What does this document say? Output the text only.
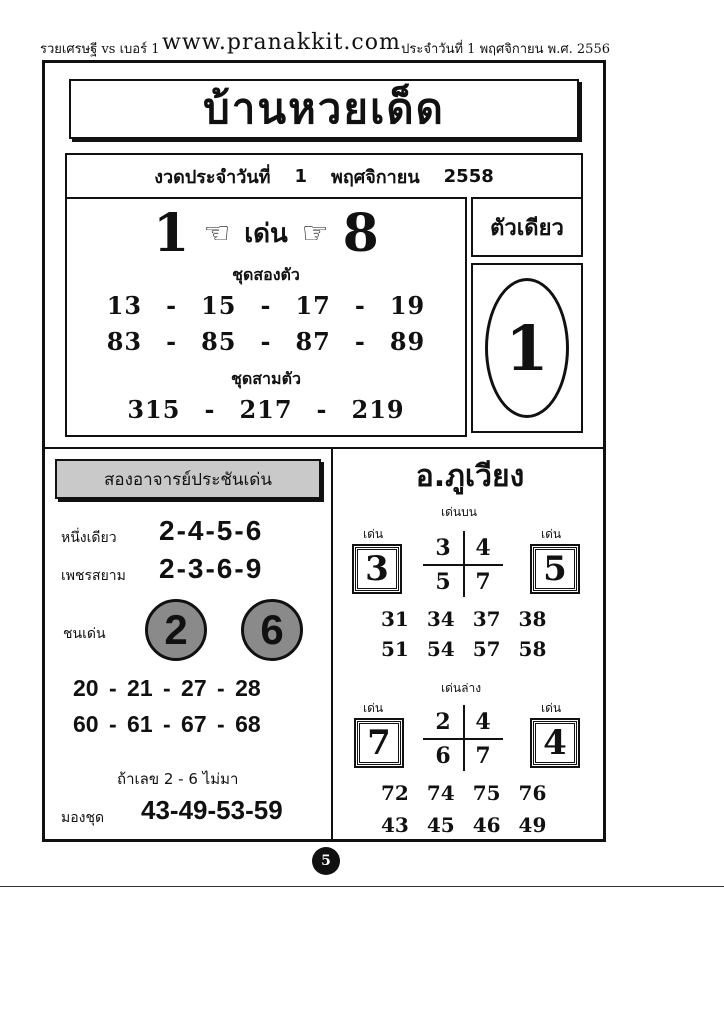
รวยเศรษฐี vs เบอร์ 1 www.pranakkit.com ประจำวันที่ 1 พฤศจิกายน พ.ศ. 2556
บ้านหวยเด็ด
งวดประจำวันที่ 1 พฤศจิกายน 2558
1 ☜ เด่น ☞ 8
ชุดสองตัว
13 - 15 - 17 - 19
83 - 85 - 87 - 89
ชุดสามตัว
315 - 217 - 219
ตัวเดียว
1
สองอาจารย์ประชันเด่น
หนึ่งเดียว 2-4-5-6
เพชรสยาม 2-3-6-9
ชนเด่น	2	6
20 - 21 - 27 - 28
60 - 61 - 67 - 68
ถ้าเลข 2 - 6 ไม่มา
มองชุด 43-49-53-59
อ.ภูเวียง
เด่นบน
เด่น	เด่น
3	5
3	4
5	7
31 34 37 38
51 54 57 58
เด่นล่าง
เด่น	เด่น
7	4
2	4
6	7
72 74 75 76
43 45 46 49
5
